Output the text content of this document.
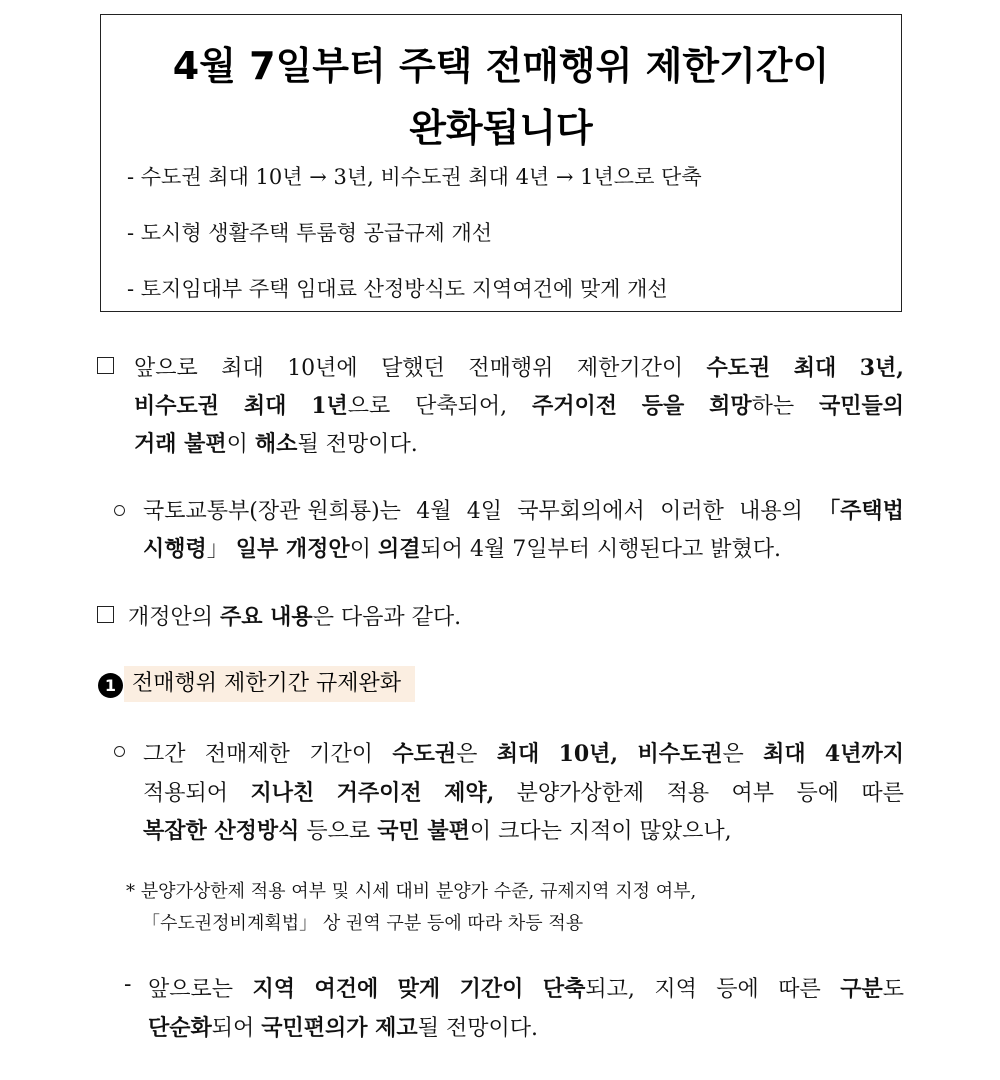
4월 7일부터 주택 전매행위 제한기간이
완화됩니다
- 수도권 최대 10년 → 3년, 비수도권 최대 4년 → 1년으로 단축
- 도시형 생활주택 투룸형 공급규제 개선
- 토지임대부 주택 임대료 산정방식도 지역여건에 맞게 개선
앞으로 최대 10년에 달했던 전매행위 제한기간이 수도권 최대 3년,
비수도권 최대 1년으로 단축되어, 주거이전 등을 희망하는 국민들의
거래 불편이 해소될 전망이다.
국토교통부(장관 원희룡)는 4월 4일 국무회의에서 이러한 내용의 「주택법
시행령」 일부 개정안이 의결되어 4월 7일부터 시행된다고 밝혔다.
개정안의 주요 내용은 다음과 같다.
1 전매행위 제한기간 규제완화
그간 전매제한 기간이 수도권은 최대 10년, 비수도권은 최대 4년까지
적용되어 지나친 거주이전 제약, 분양가상한제 적용 여부 등에 따른
복잡한 산정방식 등으로 국민 불편이 크다는 지적이 많았으나,
* 분양가상한제 적용 여부 및 시세 대비 분양가 수준, 규제지역 지정 여부,
「수도권정비계획법」 상 권역 구분 등에 따라 차등 적용
- 앞으로는 지역 여건에 맞게 기간이 단축되고, 지역 등에 따른 구분도
단순화되어 국민편의가 제고될 전망이다.
